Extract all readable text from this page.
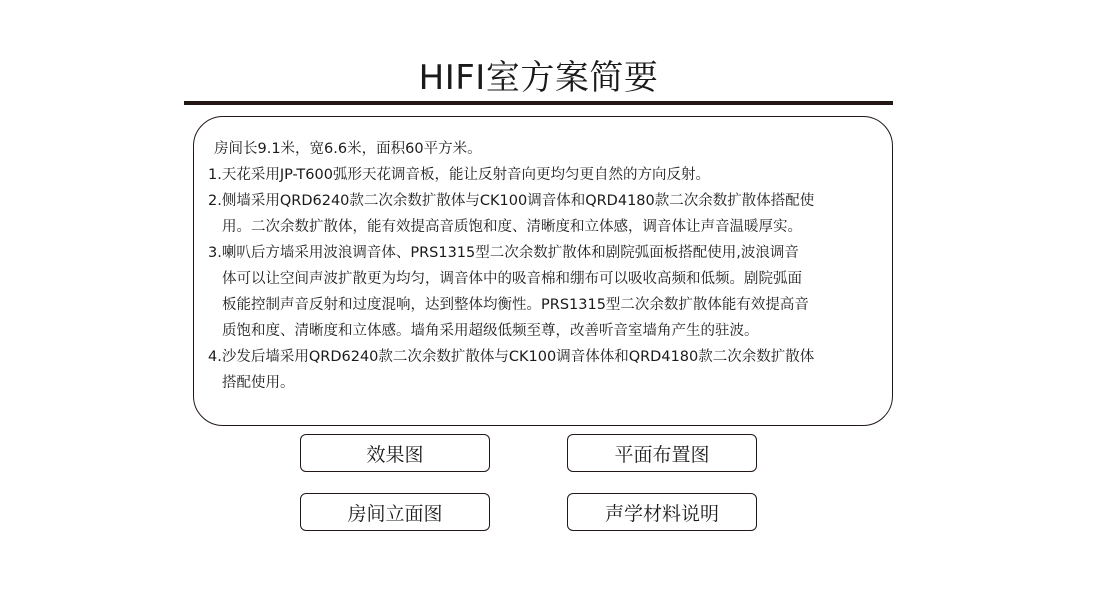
HIFI室方案简要

房间长9.1米，宽6.6米，面积60平方米。

1.天花采用JP-T600弧形天花调音板，能让反射音向更均匀更自然的方向反射。

2.侧墙采用QRD6240款二次余数扩散体与CK100调音体和QRD4180款二次余数扩散体搭配使

用。二次余数扩散体，能有效提高音质饱和度、清晰度和立体感，调音体让声音温暖厚实。

3.喇叭后方墙采用波浪调音体、PRS1315型二次余数扩散体和剧院弧面板搭配使用,波浪调音

体可以让空间声波扩散更为均匀，调音体中的吸音棉和绷布可以吸收高频和低频。剧院弧面

板能控制声音反射和过度混响，达到整体均衡性。PRS1315型二次余数扩散体能有效提高音

质饱和度、清晰度和立体感。墙角采用超级低频至尊，改善听音室墙角产生的驻波。

4.沙发后墙采用QRD6240款二次余数扩散体与CK100调音体体和QRD4180款二次余数扩散体

搭配使用。

效果图	平面布置图
房间立面图	声学材料说明
